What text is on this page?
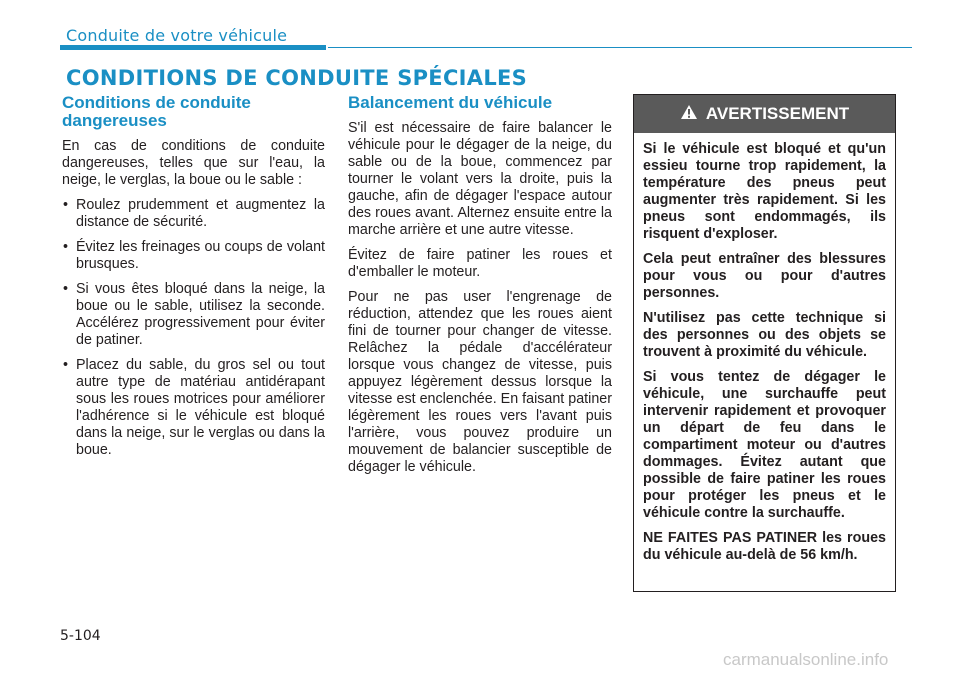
Conduite de votre véhicule
CONDITIONS DE CONDUITE SPÉCIALES
Conditions de conduite dangereuses

En cas de conditions de conduite dangereuses, telles que sur l'eau, la neige, le verglas, la boue ou le sable :

• Roulez prudemment et augmentez la distance de sécurité.
• Évitez les freinages ou coups de volant brusques.
• Si vous êtes bloqué dans la neige, la boue ou le sable, utilisez la seconde. Accélérez progressivement pour éviter de patiner.
• Placez du sable, du gros sel ou tout autre type de matériau antidérapant sous les roues motrices pour améliorer l'adhérence si le véhicule est bloqué dans la neige, sur le verglas ou dans la boue.
Balancement du véhicule

S'il est nécessaire de faire balancer le véhicule pour le dégager de la neige, du sable ou de la boue, commencez par tourner le volant vers la droite, puis la gauche, afin de dégager l'espace autour des roues avant. Alternez ensuite entre la marche arrière et une autre vitesse.

Évitez de faire patiner les roues et d'emballer le moteur.

Pour ne pas user l'engrenage de réduction, attendez que les roues aient fini de tourner pour changer de vitesse. Relâchez la pédale d'accélérateur lorsque vous changez de vitesse, puis appuyez légèrement dessus lorsque la vitesse est enclenchée. En faisant patiner légèrement les roues vers l'avant puis l'arrière, vous pouvez produire un mouvement de balancier susceptible de dégager le véhicule.

AVERTISSEMENT

Si le véhicule est bloqué et qu'un essieu tourne trop rapidement, la température des pneus peut augmenter très rapidement. Si les pneus sont endommagés, ils risquent d'exploser.

Cela peut entraîner des blessures pour vous ou pour d'autres personnes.

N'utilisez pas cette technique si des personnes ou des objets se trouvent à proximité du véhicule.

Si vous tentez de dégager le véhicule, une surchauffe peut intervenir rapidement et provoquer un départ de feu dans le compartiment moteur ou d'autres dommages. Évitez autant que possible de faire patiner les roues pour protéger les pneus et le véhicule contre la surchauffe.

NE FAITES PAS PATINER les roues du véhicule au-delà de 56 km/h.

5-104
carmanualsonline.info
